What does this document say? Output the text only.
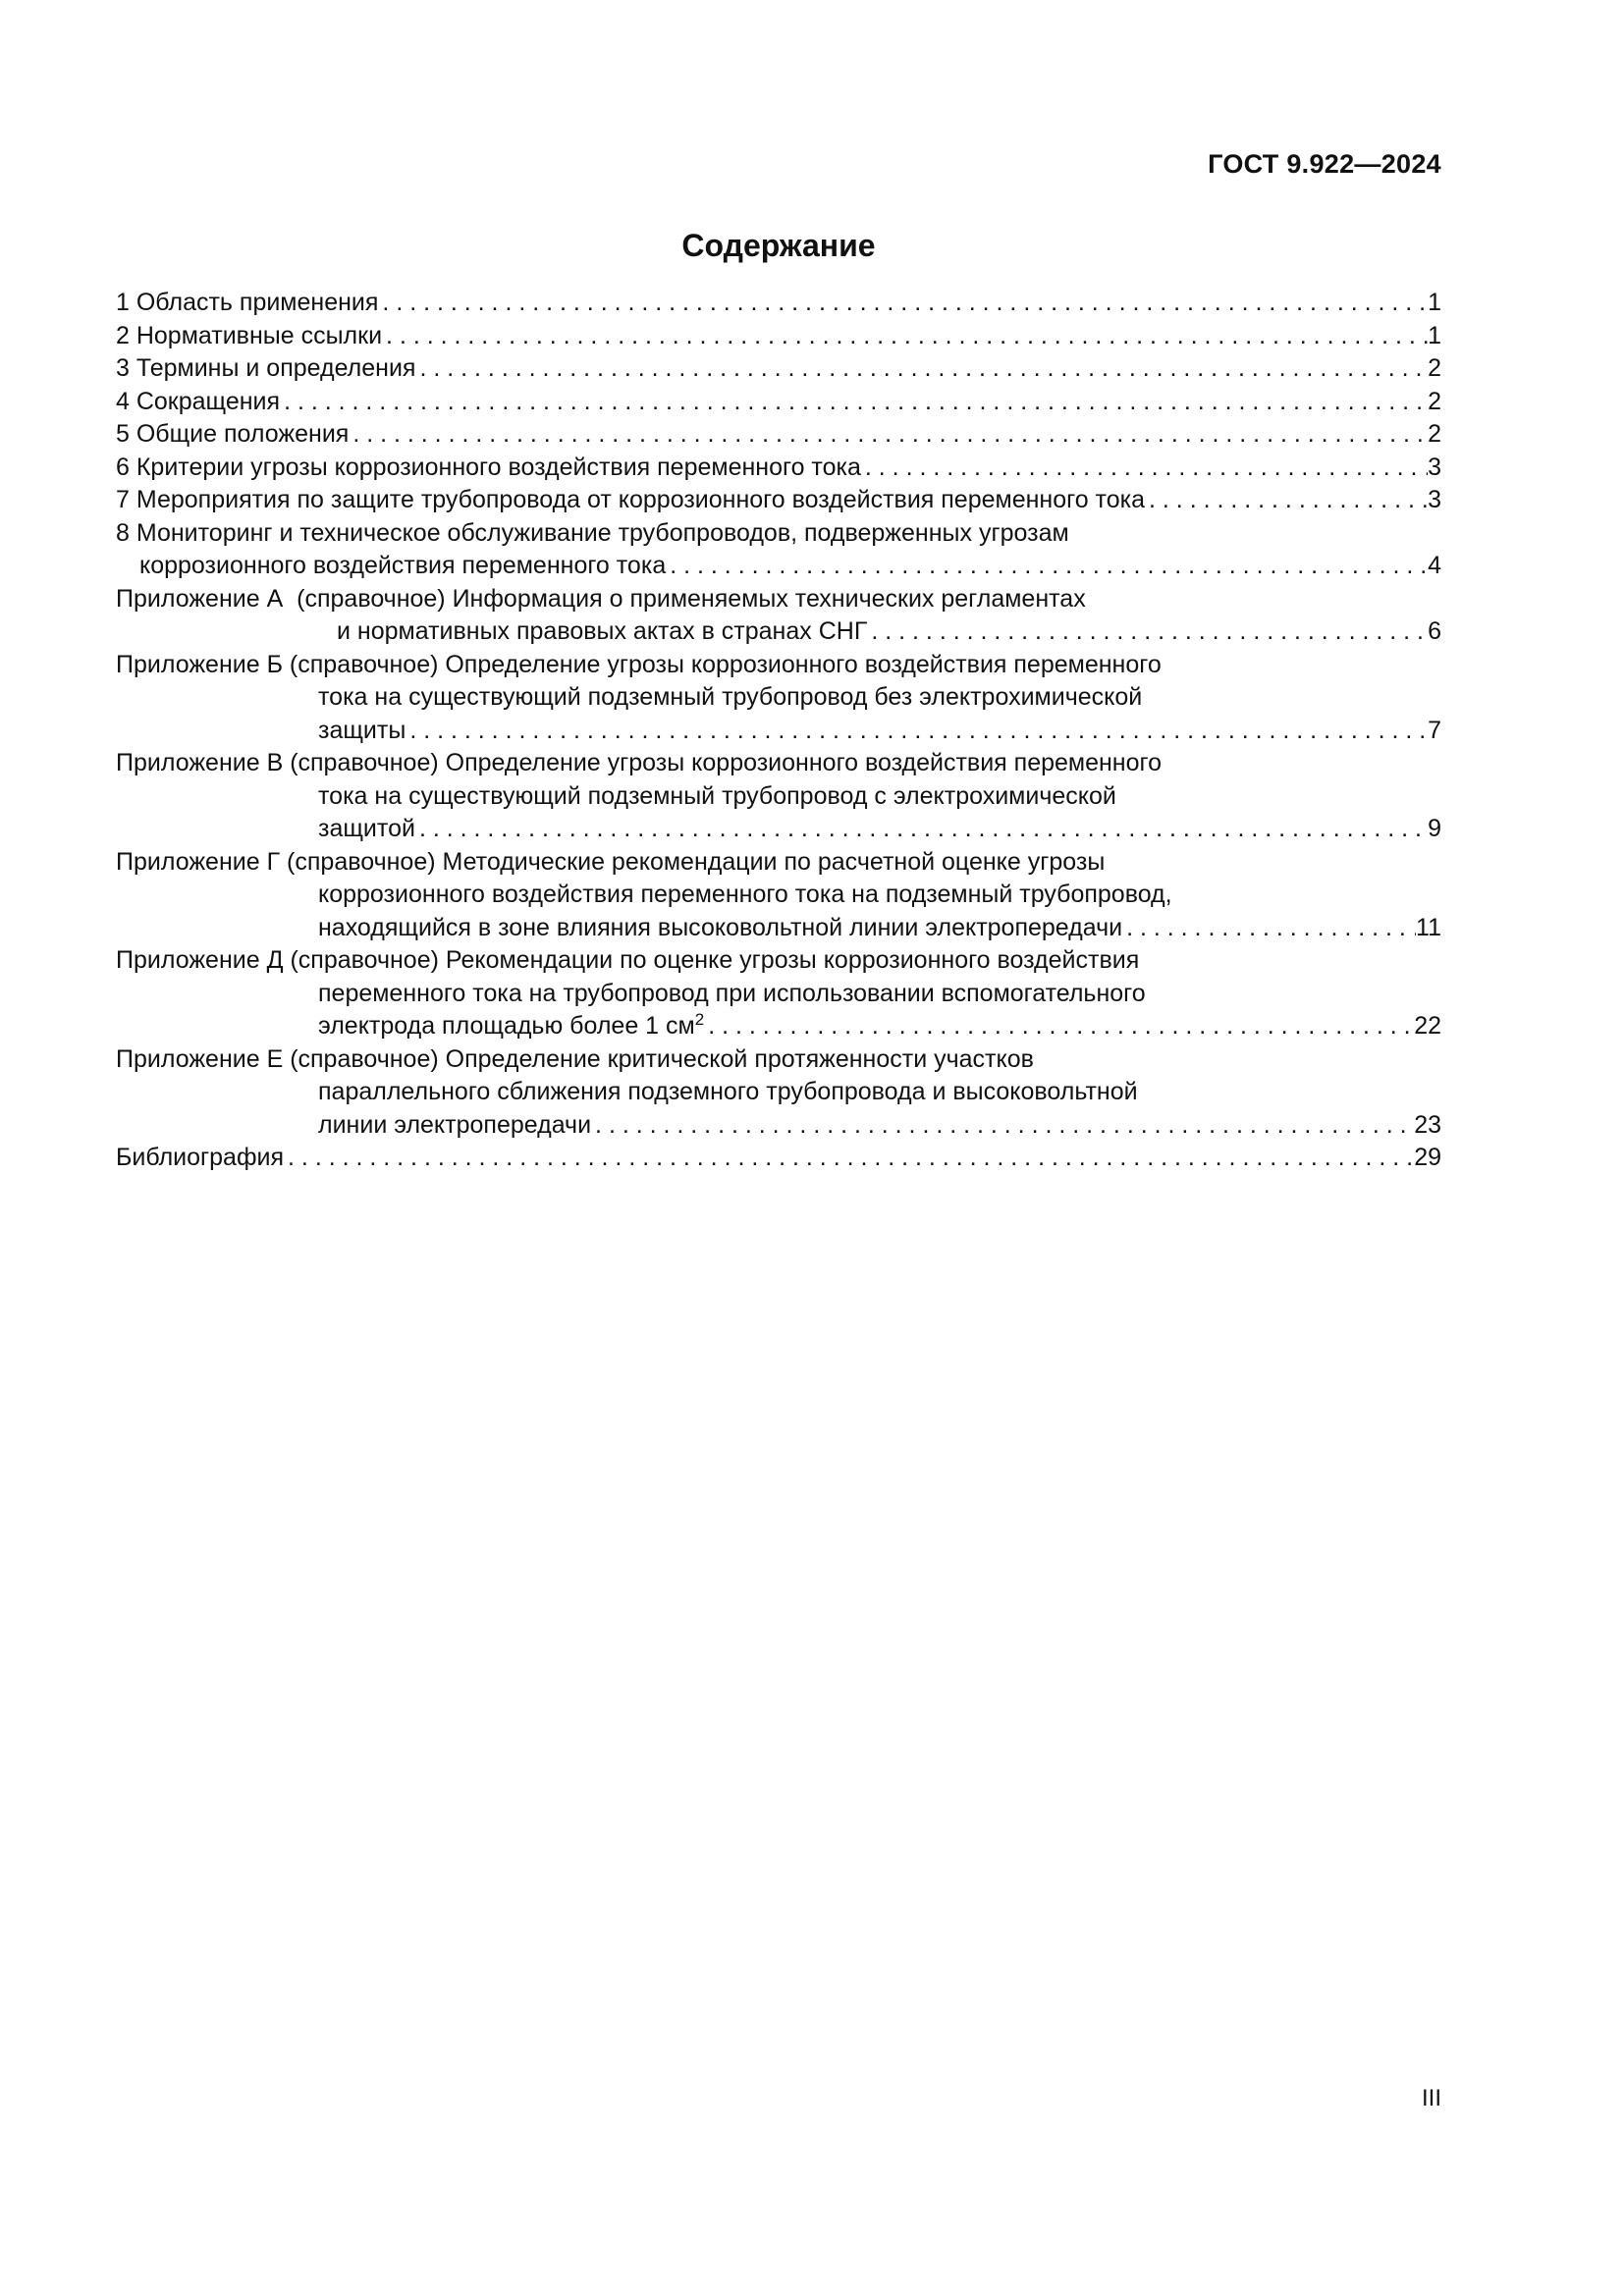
ГОСТ 9.922—2024
Содержание
1 Область применения . . .	1
2 Нормативные ссылки . . .	1
3 Термины и определения . . .	2
4 Сокращения . . .	2
5 Общие положения . . .	2
6 Критерии угрозы коррозионного воздействия переменного тока . . .	3
7 Мероприятия по защите трубопровода от коррозионного воздействия переменного тока . . .	3
8 Мониторинг и техническое обслуживание трубопроводов, подверженных угрозам
коррозионного воздействия переменного тока . . .	4
Приложение А  (справочное) Информация о применяемых технических регламентах
и нормативных правовых актах в странах СНГ . . .	6
Приложение Б (справочное) Определение угрозы коррозионного воздействия переменного
тока на существующий подземный трубопровод без электрохимической
защиты . . .	7
Приложение В (справочное) Определение угрозы коррозионного воздействия переменного
тока на существующий подземный трубопровод с электрохимической
защитой . . .	9
Приложение Г (справочное) Методические рекомендации по расчетной оценке угрозы
коррозионного воздействия переменного тока на подземный трубопровод,
находящийся в зоне влияния высоковольтной линии электропередачи . . .	11
Приложение Д (справочное) Рекомендации по оценке угрозы коррозионного воздействия
переменного тока на трубопровод при использовании вспомогательного
электрода площадью более 1 $см^2$ . . .	22
Приложение Е (справочное) Определение критической протяженности участков
параллельного сближения подземного трубопровода и высоковольтной
линии электропередачи . . .	23
Библиография . . .	29
III
